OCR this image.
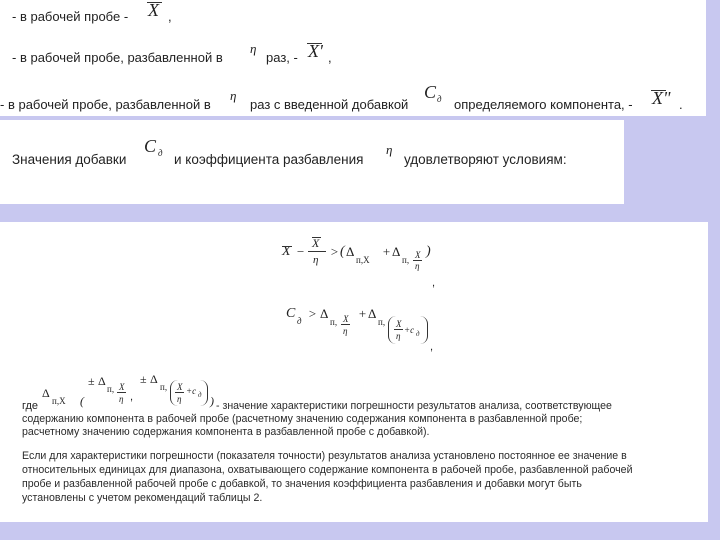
- в рабочей пробе - X ,
- в рабочей пробе, разбавленной в
η
раз, - X' ,
- в рабочей пробе, разбавленной в
η
раз с введенной добавкой
C д определяемого компонента, - X" .
Значения добавки
C д и коэффициента разбавления
η
удовлетворяют условиям:
X −
X
η
> ( Δ
п,X
+ Δ
п, X
η
)
,
C д > Δ
п, X
η
+ Δ
п, X
η
+c д
,
где
Δ
п,X (
± Δ
п, X
η ,
± Δ
п, X
η
+c д ) - значение характеристики погрешности результатов анализа, соответствующее
содержанию компонента в рабочей пробе (расчетному значению содержания компонента в разбавленной пробе;
расчетному значению содержания компонента в разбавленной пробе с добавкой).
Если для характеристики погрешности (показателя точности) результатов анализа установлено постоянное ее значение в
относительных единицах для диапазона, охватывающего содержание компонента в рабочей пробе, разбавленной рабочей
пробе и разбавленной рабочей пробе с добавкой, то значения коэффициента разбавления и добавки могут быть
установлены с учетом рекомендаций таблицы 2.
